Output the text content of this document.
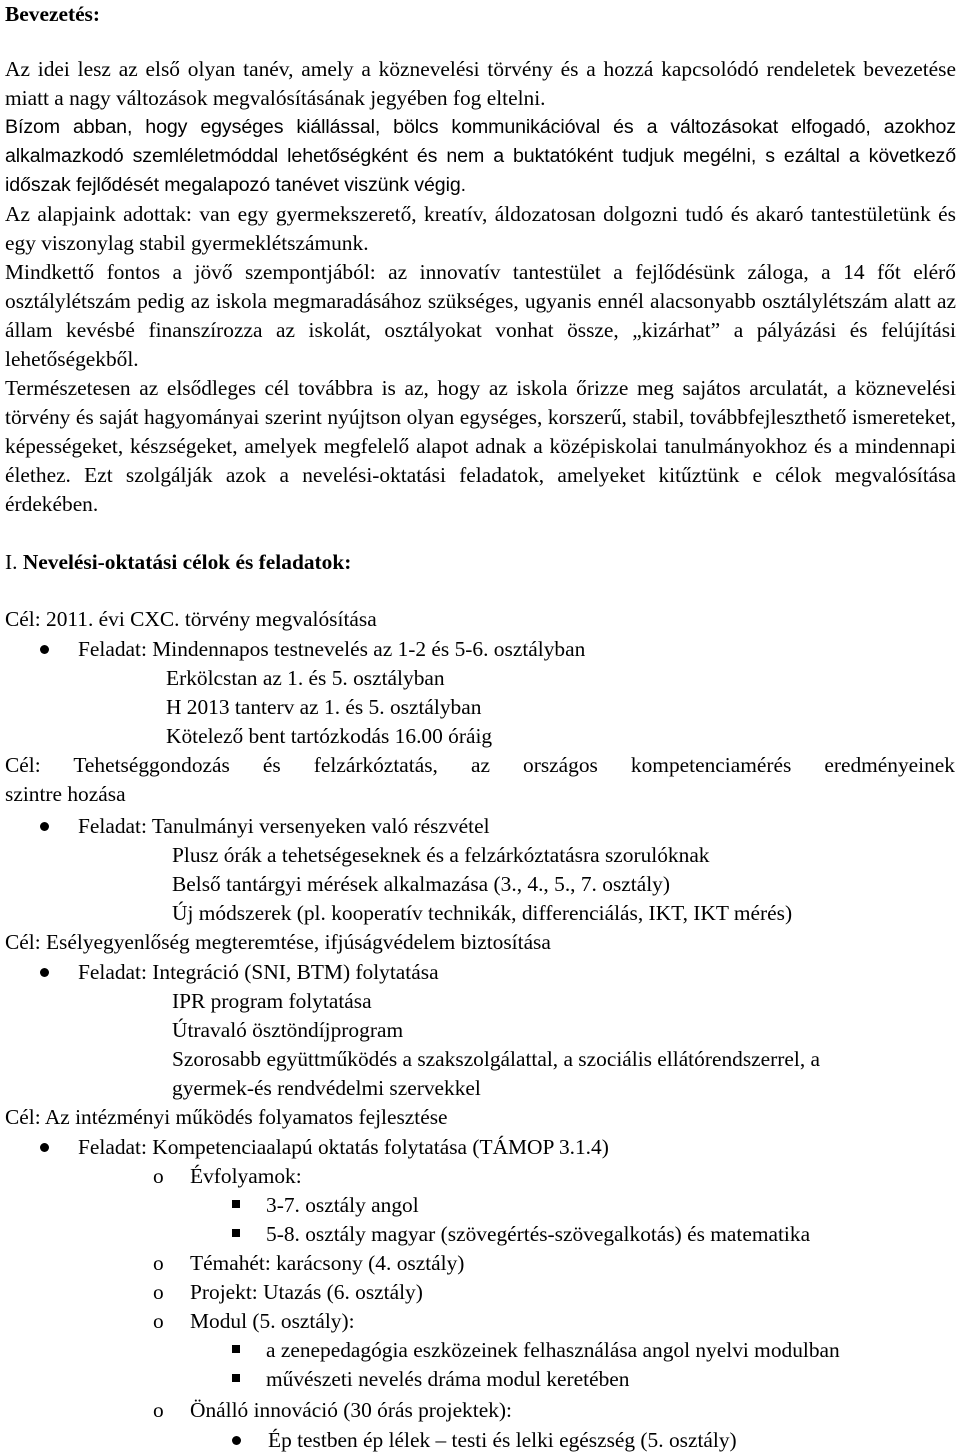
Bevezetés:

Az idei lesz az első olyan tanév, amely a köznevelési törvény és a hozzá kapcsolódó rendeletek bevezetése miatt a nagy változások megvalósításának jegyében fog eltelni.

Bízom abban, hogy egységes kiállással, bölcs kommunikációval és a változásokat elfogadó, azokhoz alkalmazkodó szemléletmóddal lehetőségként és nem a buktatóként tudjuk megélni, s ezáltal a következő időszak fejlődését megalapozó tanévet viszünk végig.

Az alapjaink adottak: van egy gyermekszerető, kreatív, áldozatosan dolgozni tudó és akaró tantestületünk és egy viszonylag stabil gyermeklétszámunk.

Mindkettő fontos a jövő szempontjából: az innovatív tantestület a fejlődésünk záloga, a 14 főt elérő osztálylétszám pedig az iskola megmaradásához szükséges, ugyanis ennél alacsonyabb osztálylétszám alatt az állam kevésbé finanszírozza az iskolát, osztályokat vonhat össze, „kizárhat” a pályázási és felújítási lehetőségekből.

Természetesen az elsődleges cél továbbra is az, hogy az iskola őrizze meg sajátos arculatát, a köznevelési törvény és saját hagyományai szerint nyújtson olyan egységes, korszerű, stabil, továbbfejleszthető ismereteket, képességeket, készségeket, amelyek megfelelő alapot adnak a középiskolai tanulmányokhoz és a mindennapi élethez. Ezt szolgálják azok a nevelési-oktatási feladatok, amelyeket kitűztünk e célok megvalósítása érdekében.

I. Nevelési-oktatási célok és feladatok:
Cél: 2011. évi CXC. törvény megvalósítása
Feladat: Mindennapos testnevelés az 1-2 és 5-6. osztályban
Erkölcstan az 1. és 5. osztályban
H 2013 tanterv az 1. és 5. osztályban
Kötelező bent tartózkodás 16.00 óráig
Cél: Tehetséggondozás és felzárkóztatás, az országos kompetenciamérés eredményeinek
szintre hozása
Feladat: Tanulmányi versenyeken való részvétel
Plusz órák a tehetségeseknek és a felzárkóztatásra szorulóknak
Belső tantárgyi mérések alkalmazása (3., 4., 5., 7. osztály)
Új módszerek (pl. kooperatív technikák, differenciálás, IKT, IKT mérés)
Cél: Esélyegyenlőség megteremtése, ifjúságvédelem biztosítása
Feladat: Integráció (SNI, BTM) folytatása
IPR program folytatása
Útravaló ösztöndíjprogram
Szorosabb együttműködés a szakszolgálattal, a szociális ellátórendszerrel, a
gyermek-és rendvédelmi szervekkel
Cél: Az intézményi működés folyamatos fejlesztése
Feladat: Kompetenciaalapú oktatás folytatása (TÁMOP 3.1.4)
o Évfolyamok:
3-7. osztály angol
5-8. osztály magyar (szövegértés-szövegalkotás) és matematika
o Témahét: karácsony (4. osztály)
o Projekt: Utazás (6. osztály)
o Modul (5. osztály):
a zenepedagógia eszközeinek felhasználása angol nyelvi modulban
művészeti nevelés dráma modul keretében
o Önálló innováció (30 órás projektek):
Ép testben ép lélek – testi és lelki egészség (5. osztály)
